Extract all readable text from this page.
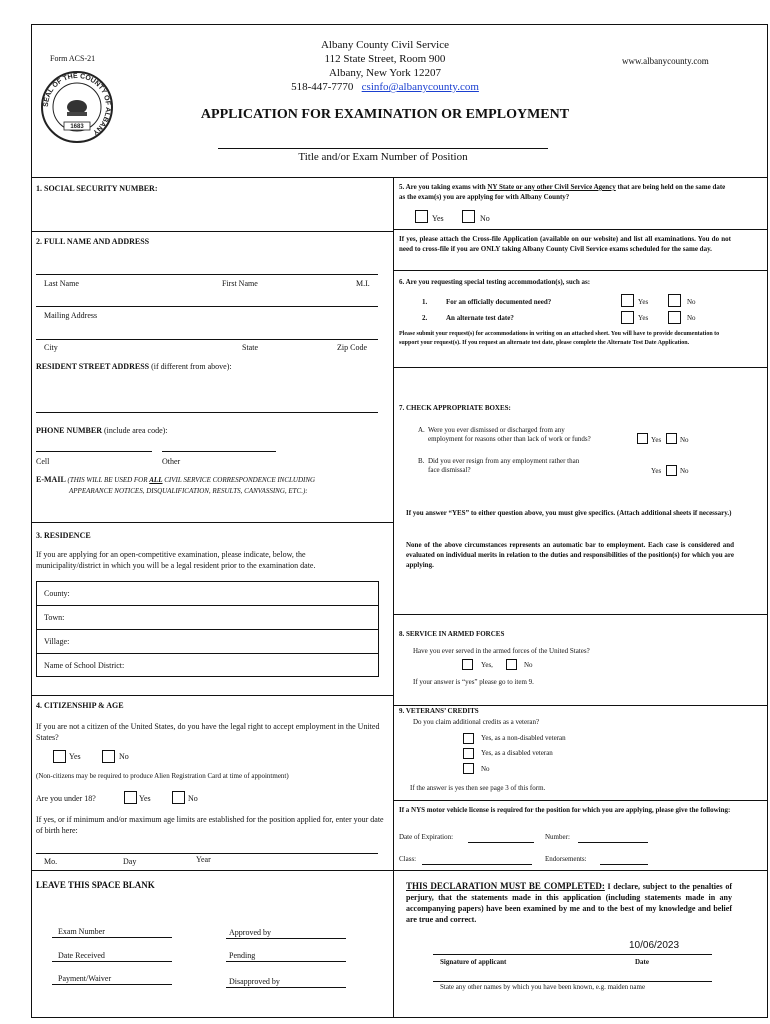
Form ACS-21
SEAL OF THE COUNTY OF ALBANY
1683
Albany County Civil Service
112 State Street, Room 900
Albany, New York 12207
518-447-7770 csinfo@albanycounty.com
www.albanycounty.com
APPLICATION FOR EXAMINATION OR EMPLOYMENT
Title and/or Exam Number of Position
1. SOCIAL SECURITY NUMBER:
2. FULL NAME AND ADDRESS
Last Name	First Name	M.I.
Mailing Address
City	State	Zip Code
RESIDENT STREET ADDRESS (if different from above):
PHONE NUMBER (include area code):
Cell	Other
E-MAIL (THIS WILL BE USED FOR ALL CIVIL SERVICE CORRESPONDENCE INCLUDING
APPEARANCE NOTICES, DISQUALIFICATION, RESULTS, CANVASSING, ETC.):
3. RESIDENCE
If you are applying for an open-competitive examination, please indicate, below, the municipality/district in which you will be a legal resident prior to the examination date.
County:
Town:
Village:
Name of School District:
4. CITIZENSHIP & AGE
If you are not a citizen of the United States, do you have the legal right to accept employment in the United States?
Yes	No
(Non-citizens may be required to produce Alien Registration Card at time of appointment)
Are you under 18?	Yes	No
If yes, or if minimum and/or maximum age limits are established for the position applied for, enter your date of birth here:
Mo.	Day	Year
LEAVE THIS SPACE BLANK
Exam Number	Approved by
Date Received	Pending
Payment/Waiver	Disapproved by
5. Are you taking exams with NY State or any other Civil Service Agency that are being held on the same date as the exam(s) you are applying for with Albany County?
Yes	No
If yes, please attach the Cross-file Application (available on our website) and list all examinations. You do not need to cross-file if you are ONLY taking Albany County Civil Service exams scheduled for the same day.
6. Are you requesting special testing accommodation(s), such as:
1.	For an officially documented need?	Yes	No
2.	An alternate test date?	Yes	No
Please submit your request(s) for accommodations in writing on an attached sheet. You will have to provide documentation to support your request(s). If you request an alternate test date, please complete the Alternate Test Date Application.
7. CHECK APPROPRIATE BOXES:
A. Were you ever dismissed or discharged from any
employment for reasons other than lack of work or funds?	Yes	No
B. Did you ever resign from any employment rather than
face dismissal?	Yes	No
If you answer “YES” to either question above, you must give specifics. (Attach additional sheets if necessary.)
None of the above circumstances represents an automatic bar to employment. Each case is considered and evaluated on individual merits in relation to the duties and responsibilities of the position(s) for which you are applying.
8. SERVICE IN ARMED FORCES
Have you ever served in the armed forces of the United States?
Yes,	No
If your answer is “yes” please go to item 9.
9. VETERANS’ CREDITS
Do you claim additional credits as a veteran?
Yes, as a non-disabled veteran
Yes, as a disabled veteran
No
If the answer is yes then see page 3 of this form.
If a NYS motor vehicle license is required for the position for which you are applying, please give the following:
Date of Expiration:	Number:
Class:	Endorsements:
THIS DECLARATION MUST BE COMPLETED: I declare, subject to the penalties of perjury, that the statements made in this application (including statements made in any accompanying papers) have been examined by me and to the best of my knowledge and belief are true and correct.
10/06/2023
Signature of applicant	Date
State any other names by which you have been known, e.g. maiden name
